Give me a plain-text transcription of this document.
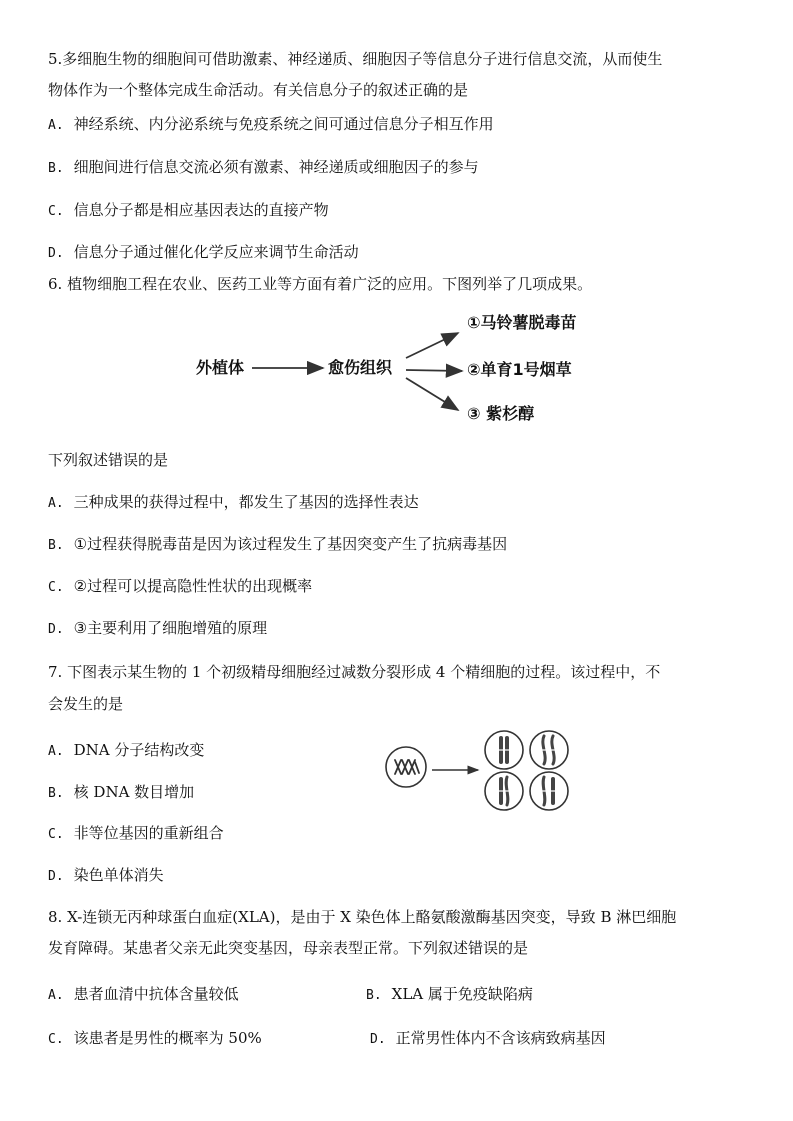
5.多细胞生物的细胞间可借助激素、神经递质、细胞因子等信息分子进行信息交流，从而使生
物体作为一个整体完成生命活动。有关信息分子的叙述正确的是
A. 神经系统、内分泌系统与免疫系统之间可通过信息分子相互作用
B. 细胞间进行信息交流必须有激素、神经递质或细胞因子的参与
C. 信息分子都是相应基因表达的直接产物
D. 信息分子通过催化化学反应来调节生命活动
6. 植物细胞工程在农业、医药工业等方面有着广泛的应用。下图列举了几项成果。
外植体	愈伤组织
①马铃薯脱毒苗
②单育1号烟草
③ 紫杉醇
下列叙述错误的是
A. 三种成果的获得过程中，都发生了基因的选择性表达
B. ①过程获得脱毒苗是因为该过程发生了基因突变产生了抗病毒基因
C. ②过程可以提高隐性性状的出现概率
D. ③主要利用了细胞增殖的原理
7. 下图表示某生物的 1 个初级精母细胞经过减数分裂形成 4 个精细胞的过程。该过程中，不
会发生的是
A. DNA 分子结构改变
B. 核 DNA 数目增加
C. 非等位基因的重新组合
D. 染色单体消失
8. X-连锁无丙种球蛋白血症(XLA)，是由于 X 染色体上酪氨酸激酶基因突变，导致 B 淋巴细胞
发育障碍。某患者父亲无此突变基因，母亲表型正常。下列叙述错误的是
A. 患者血清中抗体含量较低	B. XLA 属于免疫缺陷病
C. 该患者是男性的概率为 50%	D. 正常男性体内不含该病致病基因
